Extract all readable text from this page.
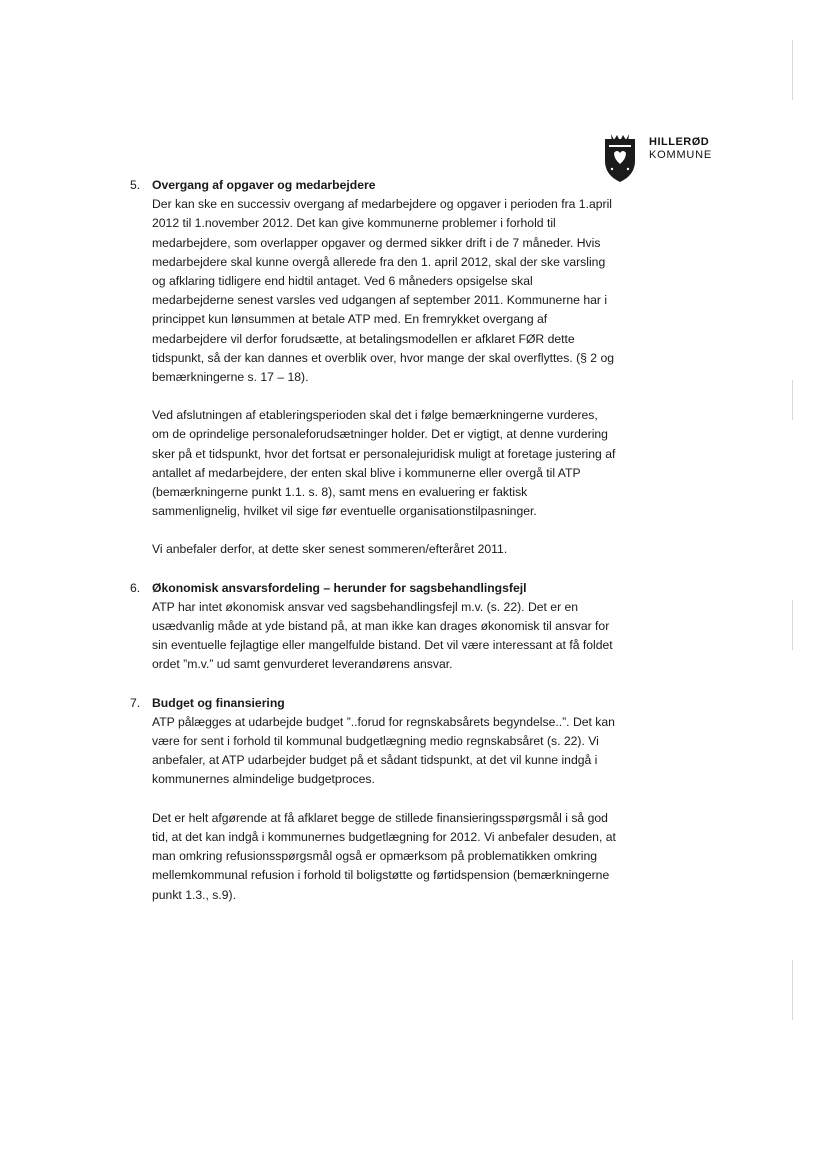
HILLERØD
KOMMUNE
5. Overgang af opgaver og medarbejdere

Der kan ske en successiv overgang af medarbejdere og opgaver i perioden fra 1.april 2012 til 1.november 2012. Det kan give kommunerne problemer i forhold til medarbejdere, som overlapper opgaver og dermed sikker drift i de 7 måneder. Hvis medarbejdere skal kunne overgå allerede fra den 1. april 2012, skal der ske varsling og afklaring tidligere end hidtil antaget. Ved 6 måneders opsigelse skal medarbejderne senest varsles ved udgangen af september 2011. Kommunerne har i princippet kun lønsummen at betale ATP med. En fremrykket overgang af medarbejdere vil derfor forudsætte, at betalingsmodellen er afklaret FØR dette tidspunkt, så der kan dannes et overblik over, hvor mange der skal overflyttes. (§ 2 og bemærkningerne s. 17 – 18).

Ved afslutningen af etableringsperioden skal det i følge bemærkningerne vurderes, om de oprindelige personaleforudsætninger holder. Det er vigtigt, at denne vurdering sker på et tidspunkt, hvor det fortsat er personalejuridisk muligt at foretage justering af antallet af medarbejdere, der enten skal blive i kommunerne eller overgå til ATP (bemærkningerne punkt 1.1. s. 8), samt mens en evaluering er faktisk sammenlignelig, hvilket vil sige før eventuelle organisationstilpasninger.

Vi anbefaler derfor, at dette sker senest sommeren/efteråret 2011.

6. Økonomisk ansvarsfordeling – herunder for sagsbehandlingsfejl

ATP har intet økonomisk ansvar ved sagsbehandlingsfejl m.v. (s. 22). Det er en usædvanlig måde at yde bistand på, at man ikke kan drages økonomisk til ansvar for sin eventuelle fejlagtige eller mangelfulde bistand. Det vil være interessant at få foldet ordet ”m.v.” ud samt genvurderet leverandørens ansvar.

7. Budget og finansiering

ATP pålægges at udarbejde budget ”..forud for regnskabsårets begyndelse..”. Det kan være for sent i forhold til kommunal budgetlægning medio regnskabsåret (s. 22). Vi anbefaler, at ATP udarbejder budget på et sådant tidspunkt, at det vil kunne indgå i kommunernes almindelige budgetproces.

Det er helt afgørende at få afklaret begge de stillede finansieringsspørgsmål i så god tid, at det kan indgå i kommunernes budgetlægning for 2012. Vi anbefaler desuden, at man omkring refusionsspørgsmål også er opmærksom på problematikken omkring mellemkommunal refusion i forhold til boligstøtte og førtidspension (bemærkningerne punkt 1.3., s.9).
